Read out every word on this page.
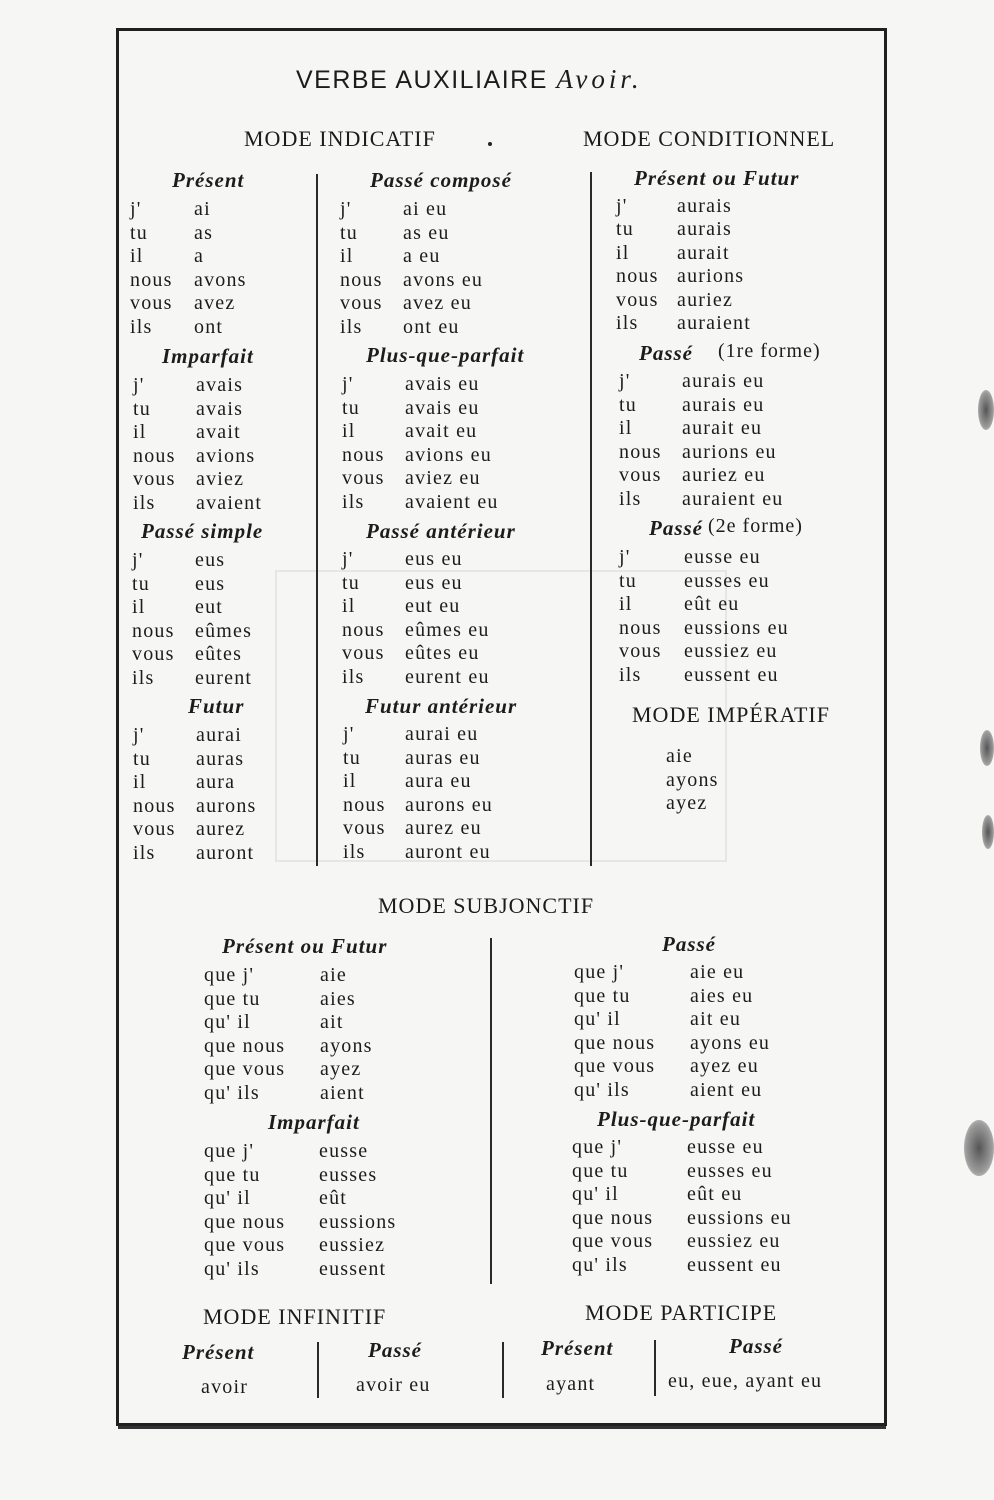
VERBE AUXILIAIRE Avoir.
MODE INDICATIF	MODE CONDITIONNEL
MODE IMPÉRATIF
MODE SUBJONCTIF
MODE INFINITIF	MODE PARTICIPE
Présent
j'	ai
tu as
il	a
nous avons
vous avez
ils ont
Imparfait
j'	avais
tu avais
il avait
nous avions
vous aviez
ils avaient
Passé simple
j'	eus
tu eus
il eut
nous eûmes
vous eûtes
ils eurent
Futur
j'	aurai
tu auras
il aura
nous aurons
vous aurez
ils auront
Passé composé
j'	ai eu
tu as eu
il a eu
nous avons eu
vous avez eu
ils ont eu
Plus-que-parfait
j'	avais eu
tu avais eu
il avait eu
nous avions eu
vous aviez eu
ils avaient eu
Passé antérieur
j'	eus eu
tu eus eu
il eut eu
nous eûmes eu
vous eûtes eu
ils eurent eu
Futur antérieur
j'	aurai eu
tu auras eu
il aura eu
nous aurons eu
vous aurez eu
ils auront eu
Présent ou Futur
j' aurais
tu aurais
il aurait
nous aurions
vous auriez
ils auraient
Passé (1re forme)
j'	aurais eu
tu aurais eu
il aurait eu
nous aurions eu
vous auriez eu
ils auraient eu
Passé (2e forme)
j'	eusse eu
tu eusses eu
il	eût eu
nous eussions eu
vous eussiez eu
ils eussent eu
Présent ou Futur
que j'	aie
que tu	aies
qu' il	ait
que nous ayons
que vous ayez
qu' ils	aient
Imparfait
que j'	eusse
que tu	eusses
qu' il	eût
que nous eussions
que vous eussiez
qu' ils	eussent
Passé
que j'	aie eu
que tu	aies eu
qu' il	ait eu
que nous ayons eu
que vous ayez eu
qu' ils	aient eu
Plus-que-parfait
que j'	eusse eu
que tu	eusses eu
qu' il	eût eu
que nous eussions eu
que vous eussiez eu
qu' ils	eussent eu
aie
ayons
ayez
Présent
avoir
Passé
avoir eu
Présent
ayant
Passé
eu, eue, ayant eu
